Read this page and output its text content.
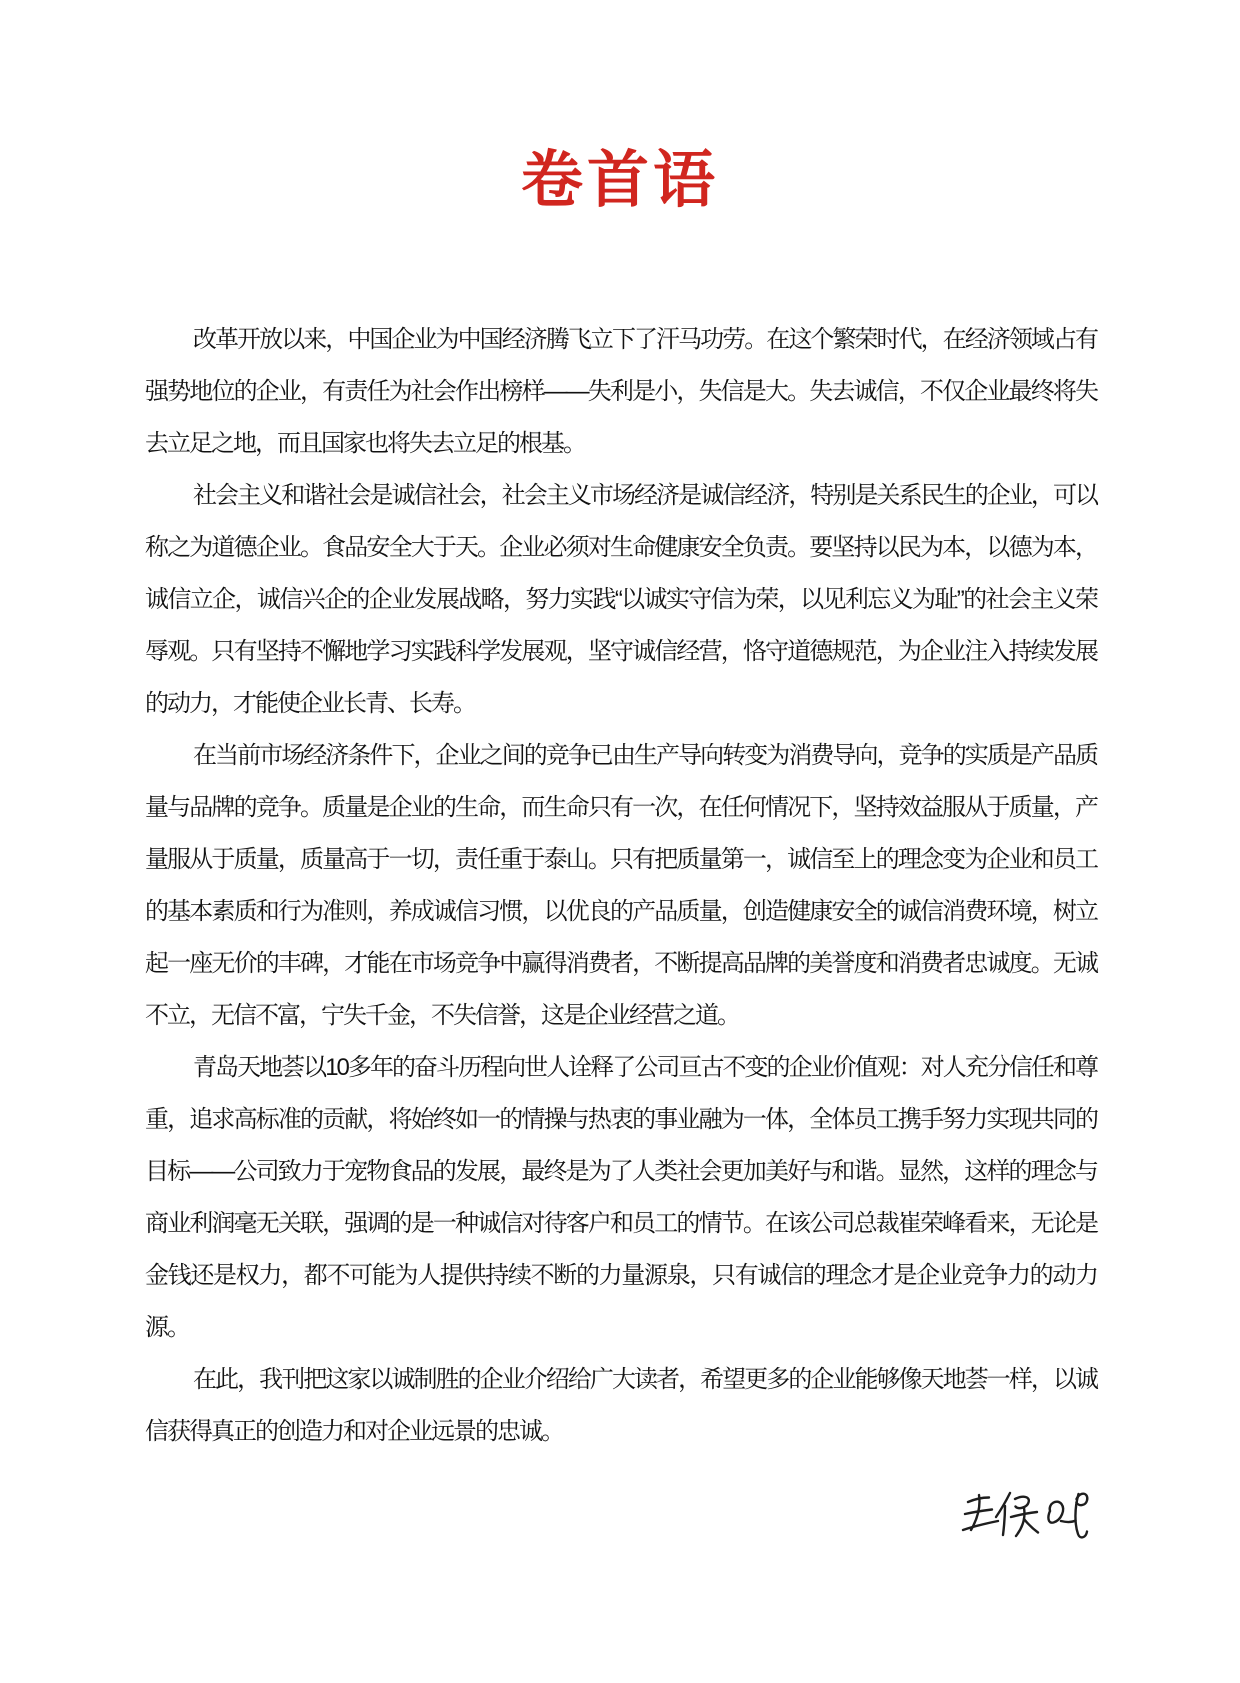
卷首语

改革开放以来，中国企业为中国经济腾飞立下了汗马功劳。在这个繁荣时代，在经济领域占有强势地位的企业，有责任为社会作出榜样——失利是小，失信是大。失去诚信，不仅企业最终将失去立足之地，而且国家也将失去立足的根基。

社会主义和谐社会是诚信社会，社会主义市场经济是诚信经济，特别是关系民生的企业，可以称之为道德企业。食品安全大于天。企业必须对生命健康安全负责。要坚持以民为本，以德为本，诚信立企，诚信兴企的企业发展战略，努力实践“以诚实守信为荣，以见利忘义为耻”的社会主义荣辱观。只有坚持不懈地学习实践科学发展观，坚守诚信经营，恪守道德规范，为企业注入持续发展的动力，才能使企业长青、长寿。

在当前市场经济条件下，企业之间的竞争已由生产导向转变为消费导向，竞争的实质是产品质量与品牌的竞争。质量是企业的生命，而生命只有一次，在任何情况下，坚持效益服从于质量，产量服从于质量，质量高于一切，责任重于泰山。只有把质量第一，诚信至上的理念变为企业和员工的基本素质和行为准则，养成诚信习惯，以优良的产品质量，创造健康安全的诚信消费环境，树立起一座无价的丰碑，才能在市场竞争中赢得消费者，不断提高品牌的美誉度和消费者忠诚度。无诚不立，无信不富，宁失千金，不失信誉，这是企业经营之道。

青岛天地荟以10多年的奋斗历程向世人诠释了公司亘古不变的企业价值观：对人充分信任和尊重，追求高标准的贡献，将始终如一的情操与热衷的事业融为一体，全体员工携手努力实现共同的目标——公司致力于宠物食品的发展，最终是为了人类社会更加美好与和谐。显然，这样的理念与商业利润毫无关联，强调的是一种诚信对待客户和员工的情节。在该公司总裁崔荣峰看来，无论是金钱还是权力，都不可能为人提供持续不断的力量源泉，只有诚信的理念才是企业竞争力的动力源。

在此，我刊把这家以诚制胜的企业介绍给广大读者，希望更多的企业能够像天地荟一样，以诚信获得真正的创造力和对企业远景的忠诚。
